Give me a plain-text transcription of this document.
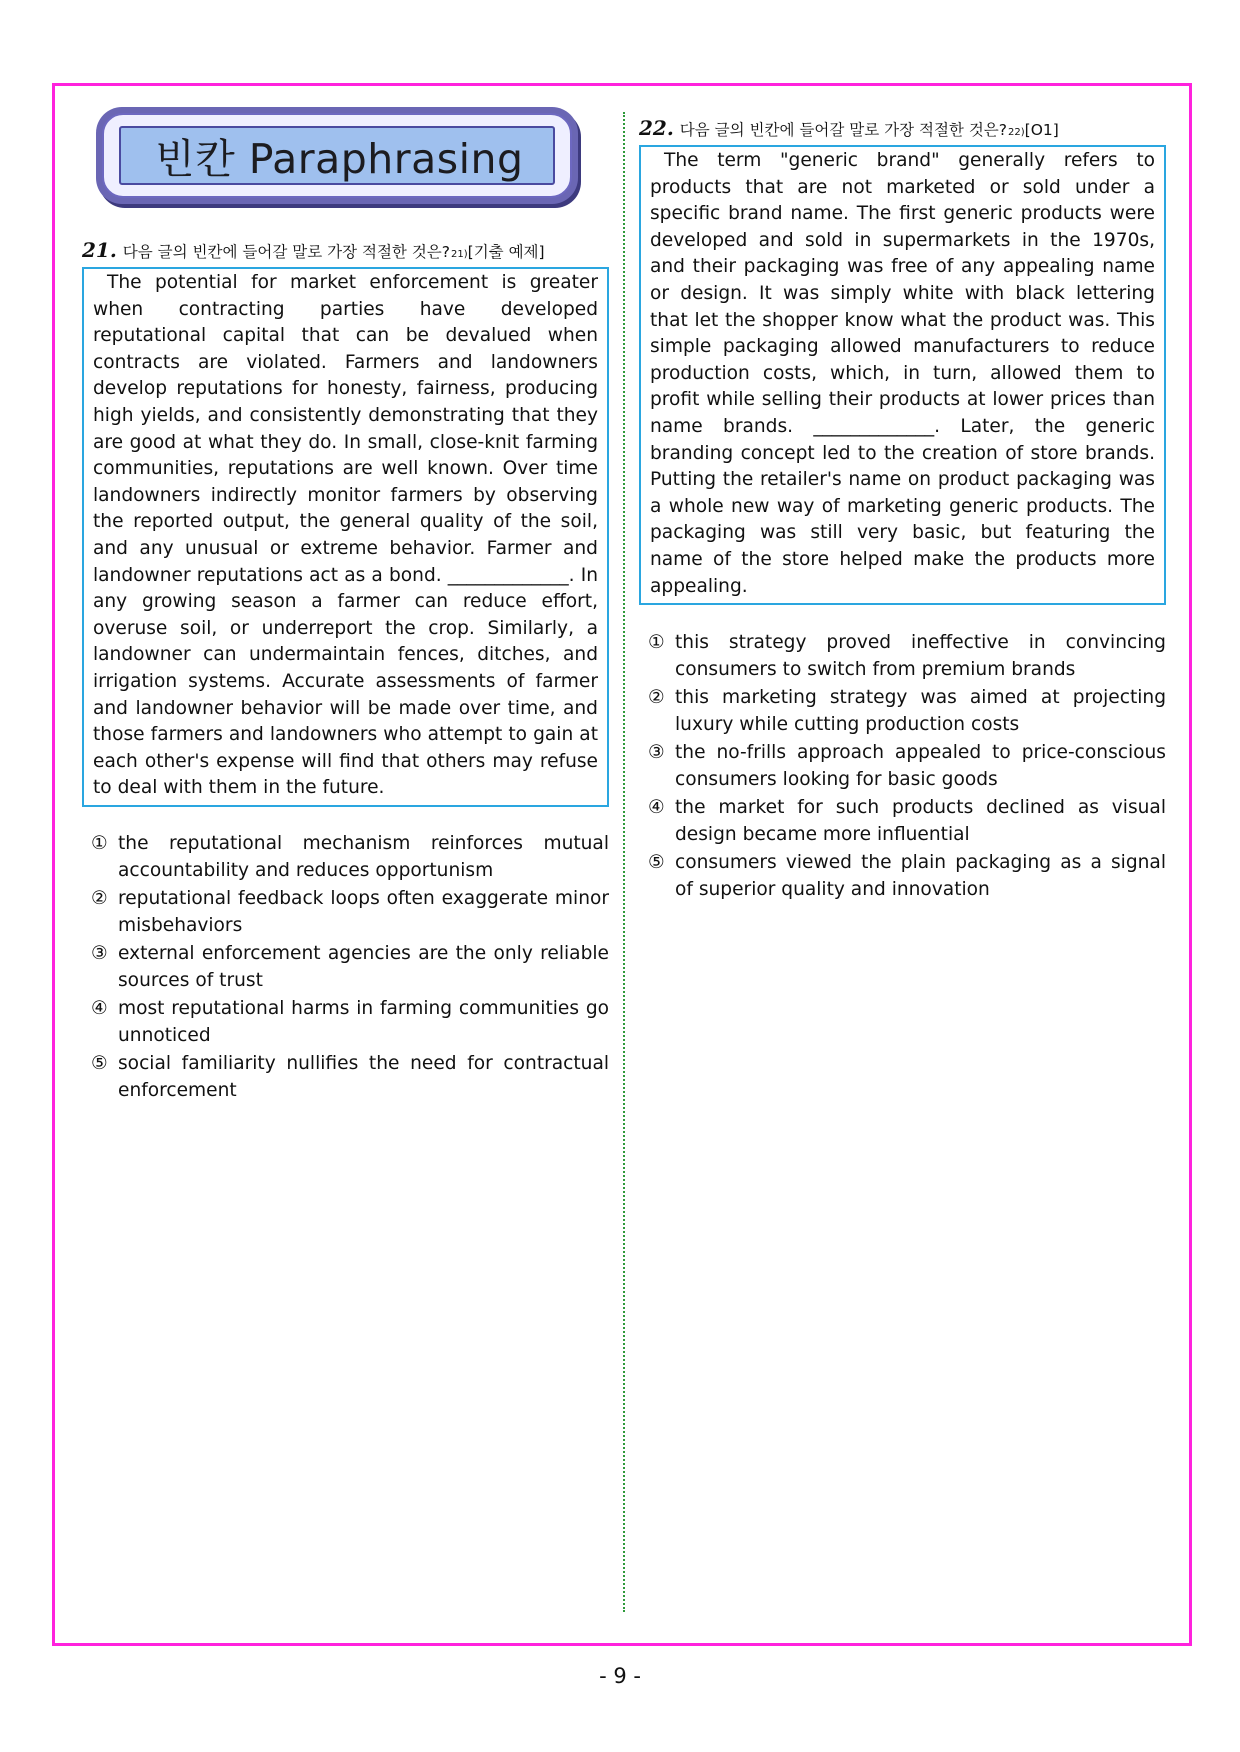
빈칸 Paraphrasing
21. 다음 글의 빈칸에 들어갈 말로 가장 적절한 것은$?_{21)}$ [기출 예제]
The potential for market enforcement is greater when contracting parties have developed reputational capital that can be devalued when contracts are violated. Farmers and landowners develop reputations for honesty, fairness, producing high yields, and consistently demonstrating that they are good at what they do. In small, close-knit farming communities, reputations are well known. Over time landowners indirectly monitor farmers by observing the reported output, the general quality of the soil, and any unusual or extreme behavior. Farmer and landowner reputations act as a bond. _____________. In any growing season a farmer can reduce effort, overuse soil, or underreport the crop. Similarly, a landowner can undermaintain fences, ditches, and irrigation systems. Accurate assessments of farmer and landowner behavior will be made over time, and those farmers and landowners who attempt to gain at each other's expense will find that others may refuse to deal with them in the future.
① the reputational mechanism reinforces mutual accountability and reduces opportunism
② reputational feedback loops often exaggerate minor misbehaviors
③ external enforcement agencies are the only reliable sources of trust
④ most reputational harms in farming communities go unnoticed
⑤ social familiarity nullifies the need for contractual enforcement
22. 다음 글의 빈칸에 들어갈 말로 가장 적절한 것은$?_{22)}$ [O1]
The term "generic brand" generally refers to products that are not marketed or sold under a specific brand name. The first generic products were developed and sold in supermarkets in the 1970s, and their packaging was free of any appealing name or design. It was simply white with black lettering that let the shopper know what the product was. This simple packaging allowed manufacturers to reduce production costs, which, in turn, allowed them to profit while selling their products at lower prices than name brands. _____________. Later, the generic branding concept led to the creation of store brands. Putting the retailer's name on product packaging was a whole new way of marketing generic products. The packaging was still very basic, but featuring the name of the store helped make the products more appealing.
① this strategy proved ineffective in convincing consumers to switch from premium brands
② this marketing strategy was aimed at projecting luxury while cutting production costs
③ the no-frills approach appealed to price-conscious consumers looking for basic goods
④ the market for such products declined as visual design became more influential
⑤ consumers viewed the plain packaging as a signal of superior quality and innovation
- 9 -
